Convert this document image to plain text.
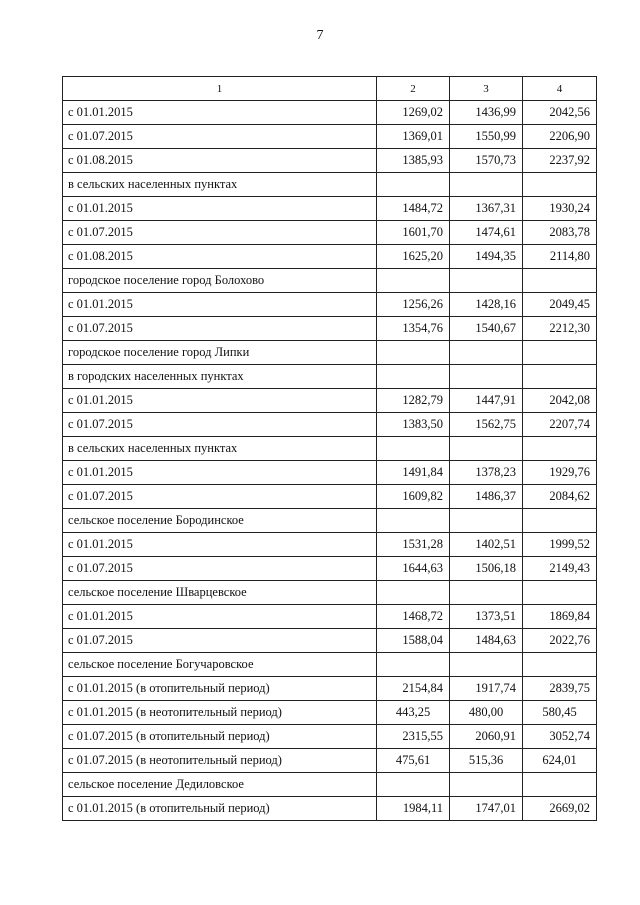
7
1	2	3	4
с 01.01.2015	1269,02	1436,99	2042,56
с 01.07.2015	1369,01	1550,99	2206,90
с 01.08.2015	1385,93	1570,73	2237,92
в сельских населенных пунктах			
с 01.01.2015	1484,72	1367,31	1930,24
с 01.07.2015	1601,70	1474,61	2083,78
с 01.08.2015	1625,20	1494,35	2114,80
городское поселение город Болохово			
с 01.01.2015	1256,26	1428,16	2049,45
с 01.07.2015	1354,76	1540,67	2212,30
городское поселение город Липки			
в городских населенных пунктах			
с 01.01.2015	1282,79	1447,91	2042,08
с 01.07.2015	1383,50	1562,75	2207,74
в сельских населенных пунктах			
с 01.01.2015	1491,84	1378,23	1929,76
с 01.07.2015	1609,82	1486,37	2084,62
сельское поселение Бородинское			
с 01.01.2015	1531,28	1402,51	1999,52
с 01.07.2015	1644,63	1506,18	2149,43
сельское поселение Шварцевское			
с 01.01.2015	1468,72	1373,51	1869,84
с 01.07.2015	1588,04	1484,63	2022,76
сельское поселение Богучаровское			
с 01.01.2015 (в отопительный период)	2154,84	1917,74	2839,75
с 01.01.2015 (в неотопительный период)	443,25	480,00	580,45
с 01.07.2015 (в отопительный период)	2315,55	2060,91	3052,74
с 01.07.2015 (в неотопительный период)	475,61	515,36	624,01
сельское поселение Дедиловское			
с 01.01.2015 (в отопительный период)	1984,11	1747,01	2669,02
